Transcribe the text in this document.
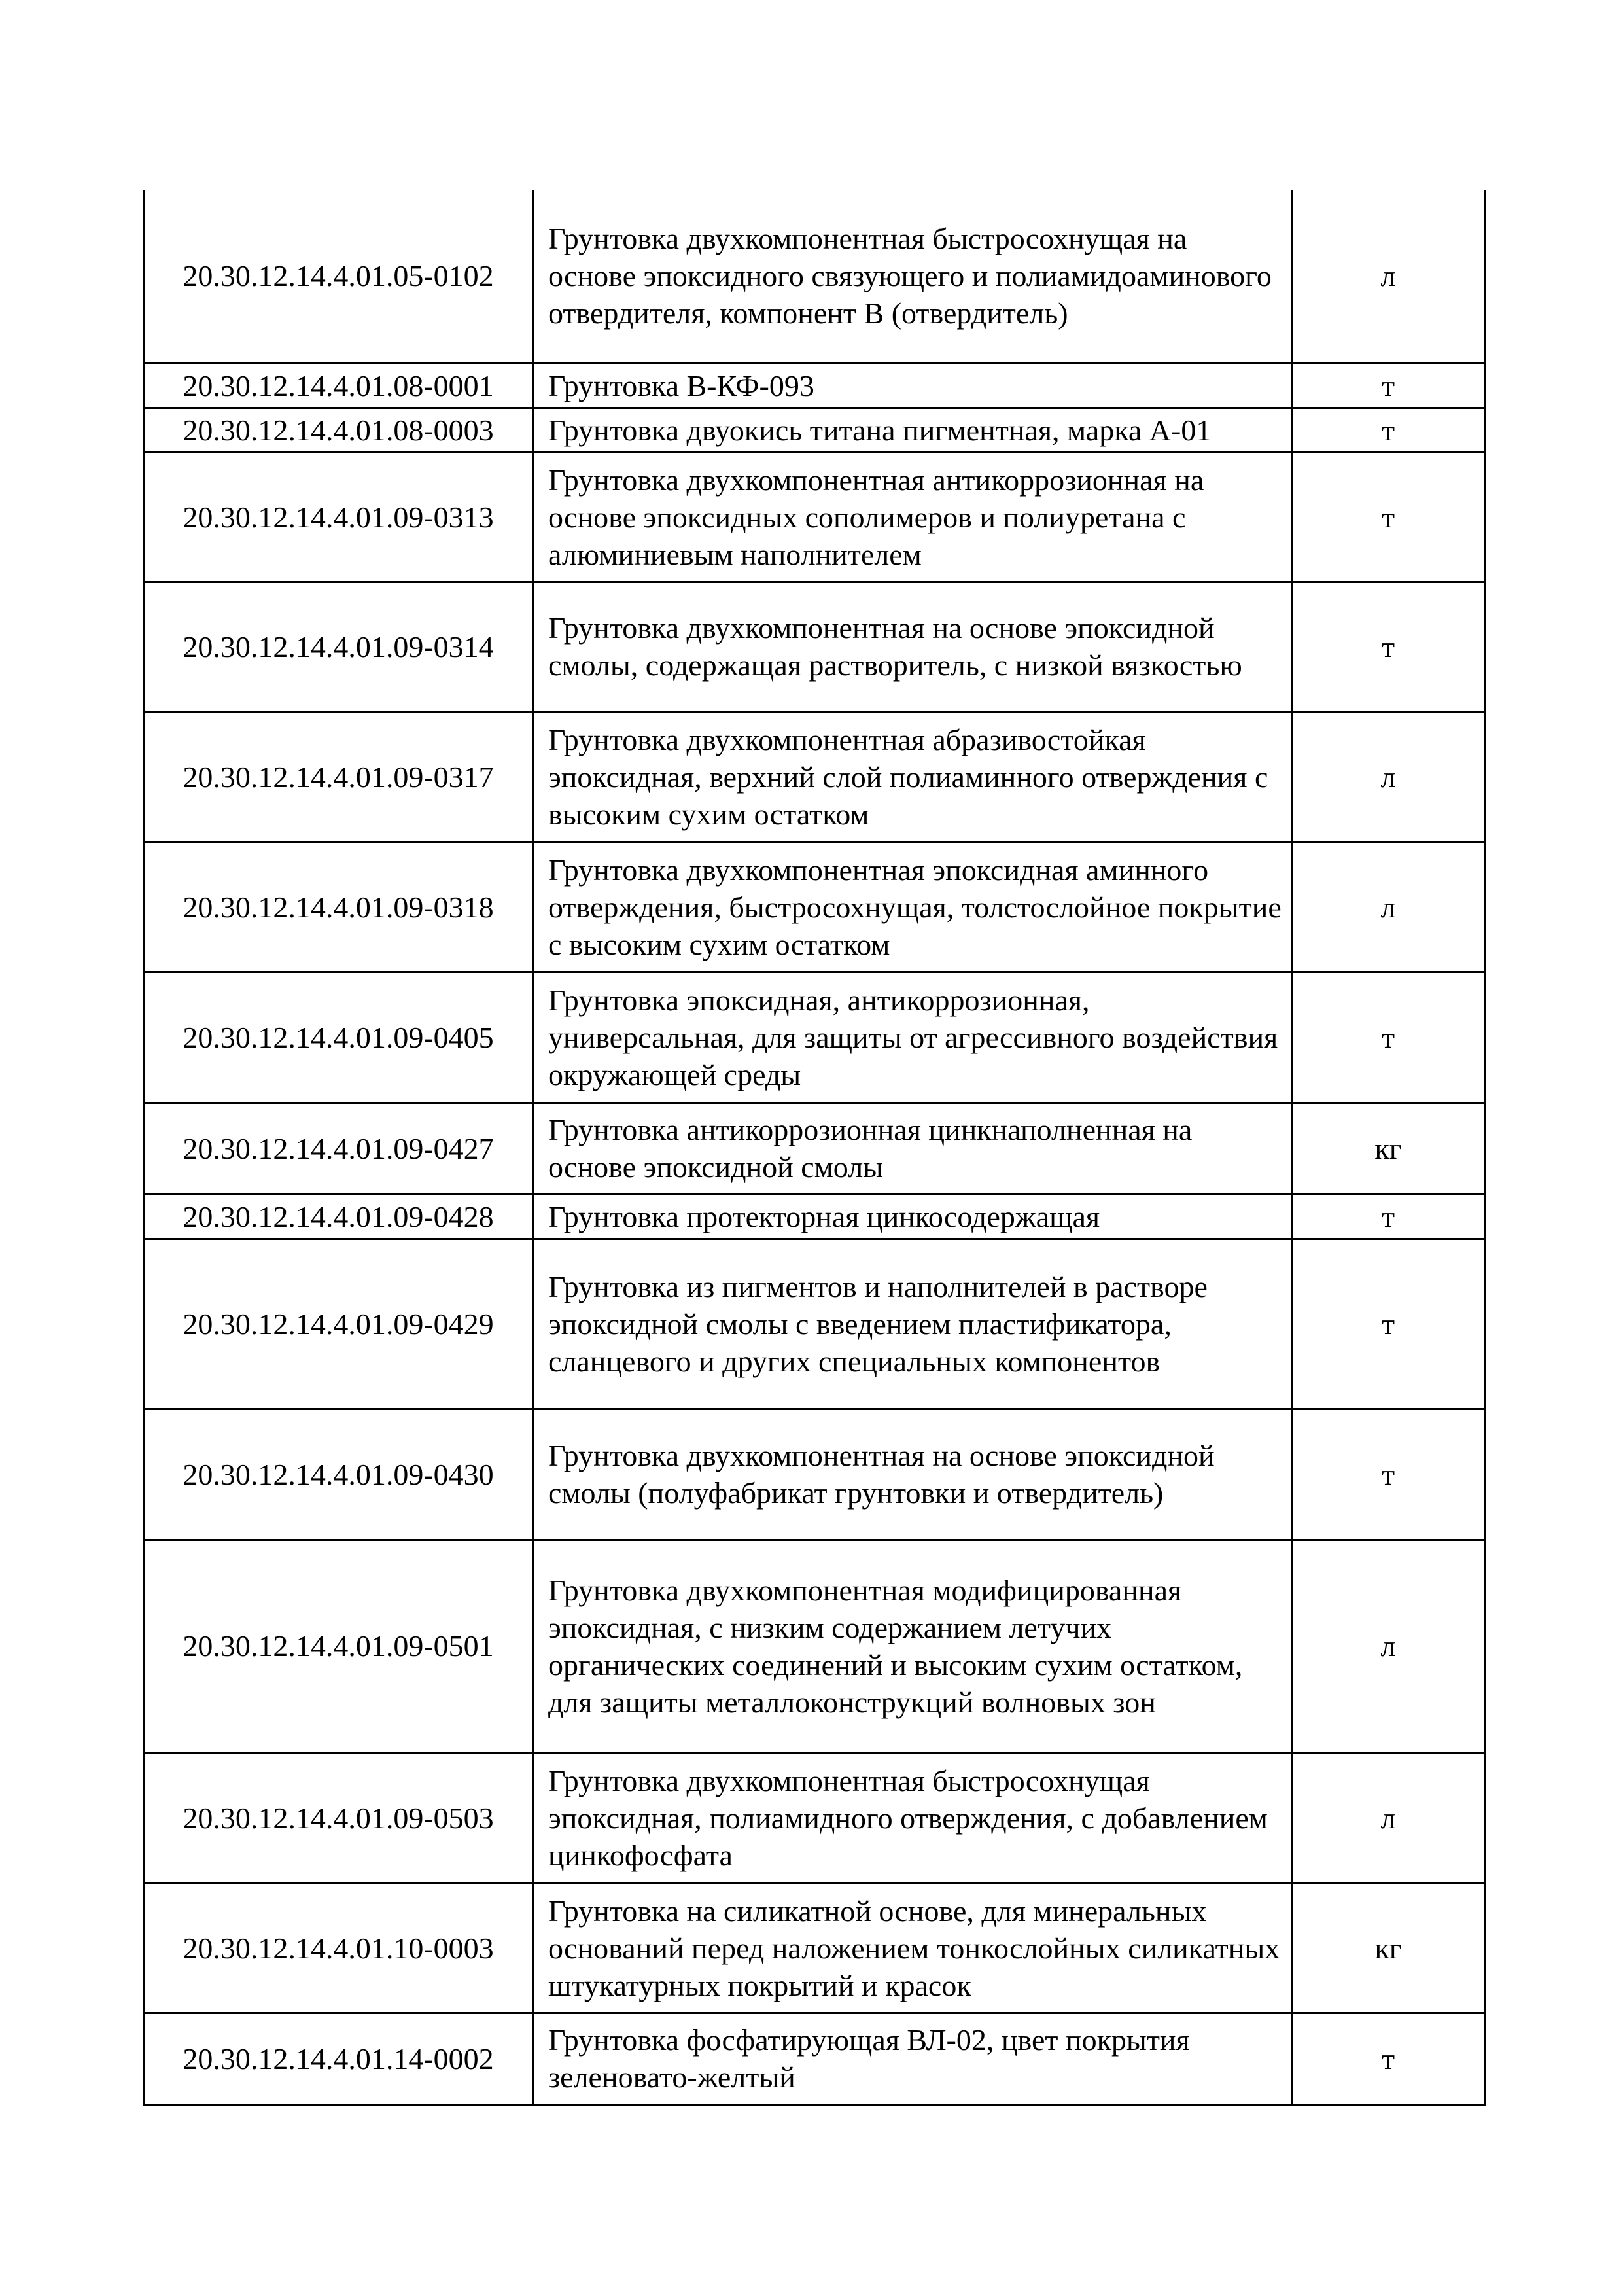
20.30.12.14.4.01.05-0102	Грунтовка двухкомпонентная быстросохнущая на основе эпоксидного связующего и полиамидоаминового отвердителя, компонент В (отвердитель)	л
20.30.12.14.4.01.08-0001	Грунтовка В-КФ-093	т
20.30.12.14.4.01.08-0003	Грунтовка двуокись титана пигментная, марка А-01	т
20.30.12.14.4.01.09-0313	Грунтовка двухкомпонентная антикоррозионная на основе эпоксидных сополимеров и полиуретана с алюминиевым наполнителем	т
20.30.12.14.4.01.09-0314	Грунтовка двухкомпонентная на основе эпоксидной смолы, содержащая растворитель, с низкой вязкостью	т
20.30.12.14.4.01.09-0317	Грунтовка двухкомпонентная абразивостойкая эпоксидная, верхний слой полиаминного отверждения с высоким сухим остатком	л
20.30.12.14.4.01.09-0318	Грунтовка двухкомпонентная эпоксидная аминного отверждения, быстросохнущая, толстослойное покрытие с высоким сухим остатком	л
20.30.12.14.4.01.09-0405	Грунтовка эпоксидная, антикоррозионная, универсальная, для защиты от агрессивного воздействия окружающей среды	т
20.30.12.14.4.01.09-0427	Грунтовка антикоррозионная цинкнаполненная на основе эпоксидной смолы	кг
20.30.12.14.4.01.09-0428	Грунтовка протекторная цинкосодержащая	т
20.30.12.14.4.01.09-0429	Грунтовка из пигментов и наполнителей в растворе эпоксидной смолы с введением пластификатора, сланцевого и других специальных компонентов	т
20.30.12.14.4.01.09-0430	Грунтовка двухкомпонентная на основе эпоксидной смолы (полуфабрикат грунтовки и отвердитель)	т
20.30.12.14.4.01.09-0501	Грунтовка двухкомпонентная модифицированная эпоксидная, с низким содержанием летучих органических соединений и высоким сухим остатком, для защиты металлоконструкций волновых зон	л
20.30.12.14.4.01.09-0503	Грунтовка двухкомпонентная быстросохнущая эпоксидная, полиамидного отверждения, с добавлением цинкофосфата	л
20.30.12.14.4.01.10-0003	Грунтовка на силикатной основе, для минеральных оснований перед наложением тонкослойных силикатных штукатурных покрытий и красок	кг
20.30.12.14.4.01.14-0002	Грунтовка фосфатирующая ВЛ-02, цвет покрытия зеленовато-желтый	т
